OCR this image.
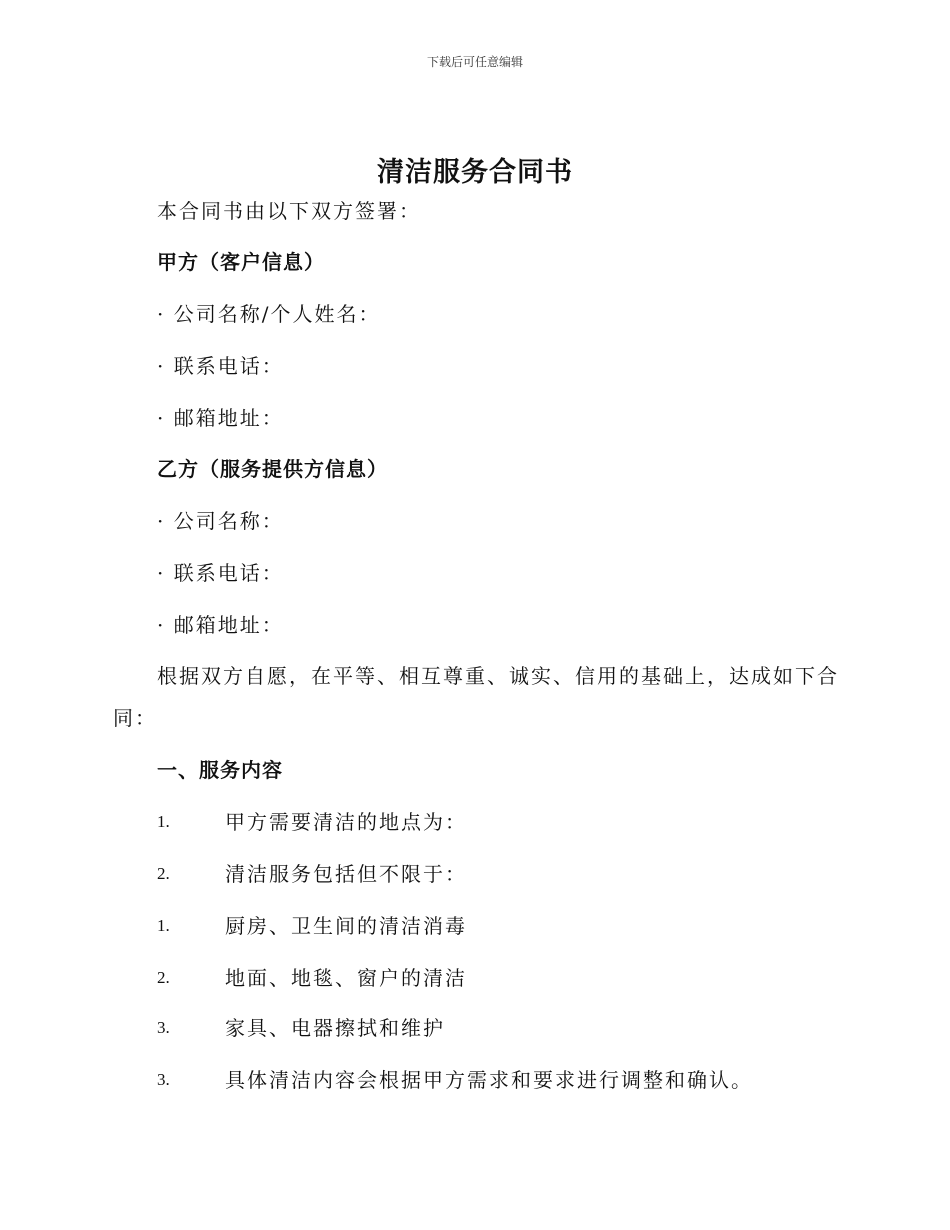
下载后可任意编辑
清洁服务合同书
本合同书由以下双方签署：
甲方（客户信息）
· 公司名称/个人姓名：
· 联系电话：
· 邮箱地址：
乙方（服务提供方信息）
· 公司名称：
· 联系电话：
· 邮箱地址：
根据双方自愿，在平等、相互尊重、诚实、信用的基础上，达成如下合
同：
一、服务内容
1.	甲方需要清洁的地点为：
2.	清洁服务包括但不限于：
1.	厨房、卫生间的清洁消毒
2.	地面、地毯、窗户的清洁
3.	家具、电器擦拭和维护
3.	具体清洁内容会根据甲方需求和要求进行调整和确认。
